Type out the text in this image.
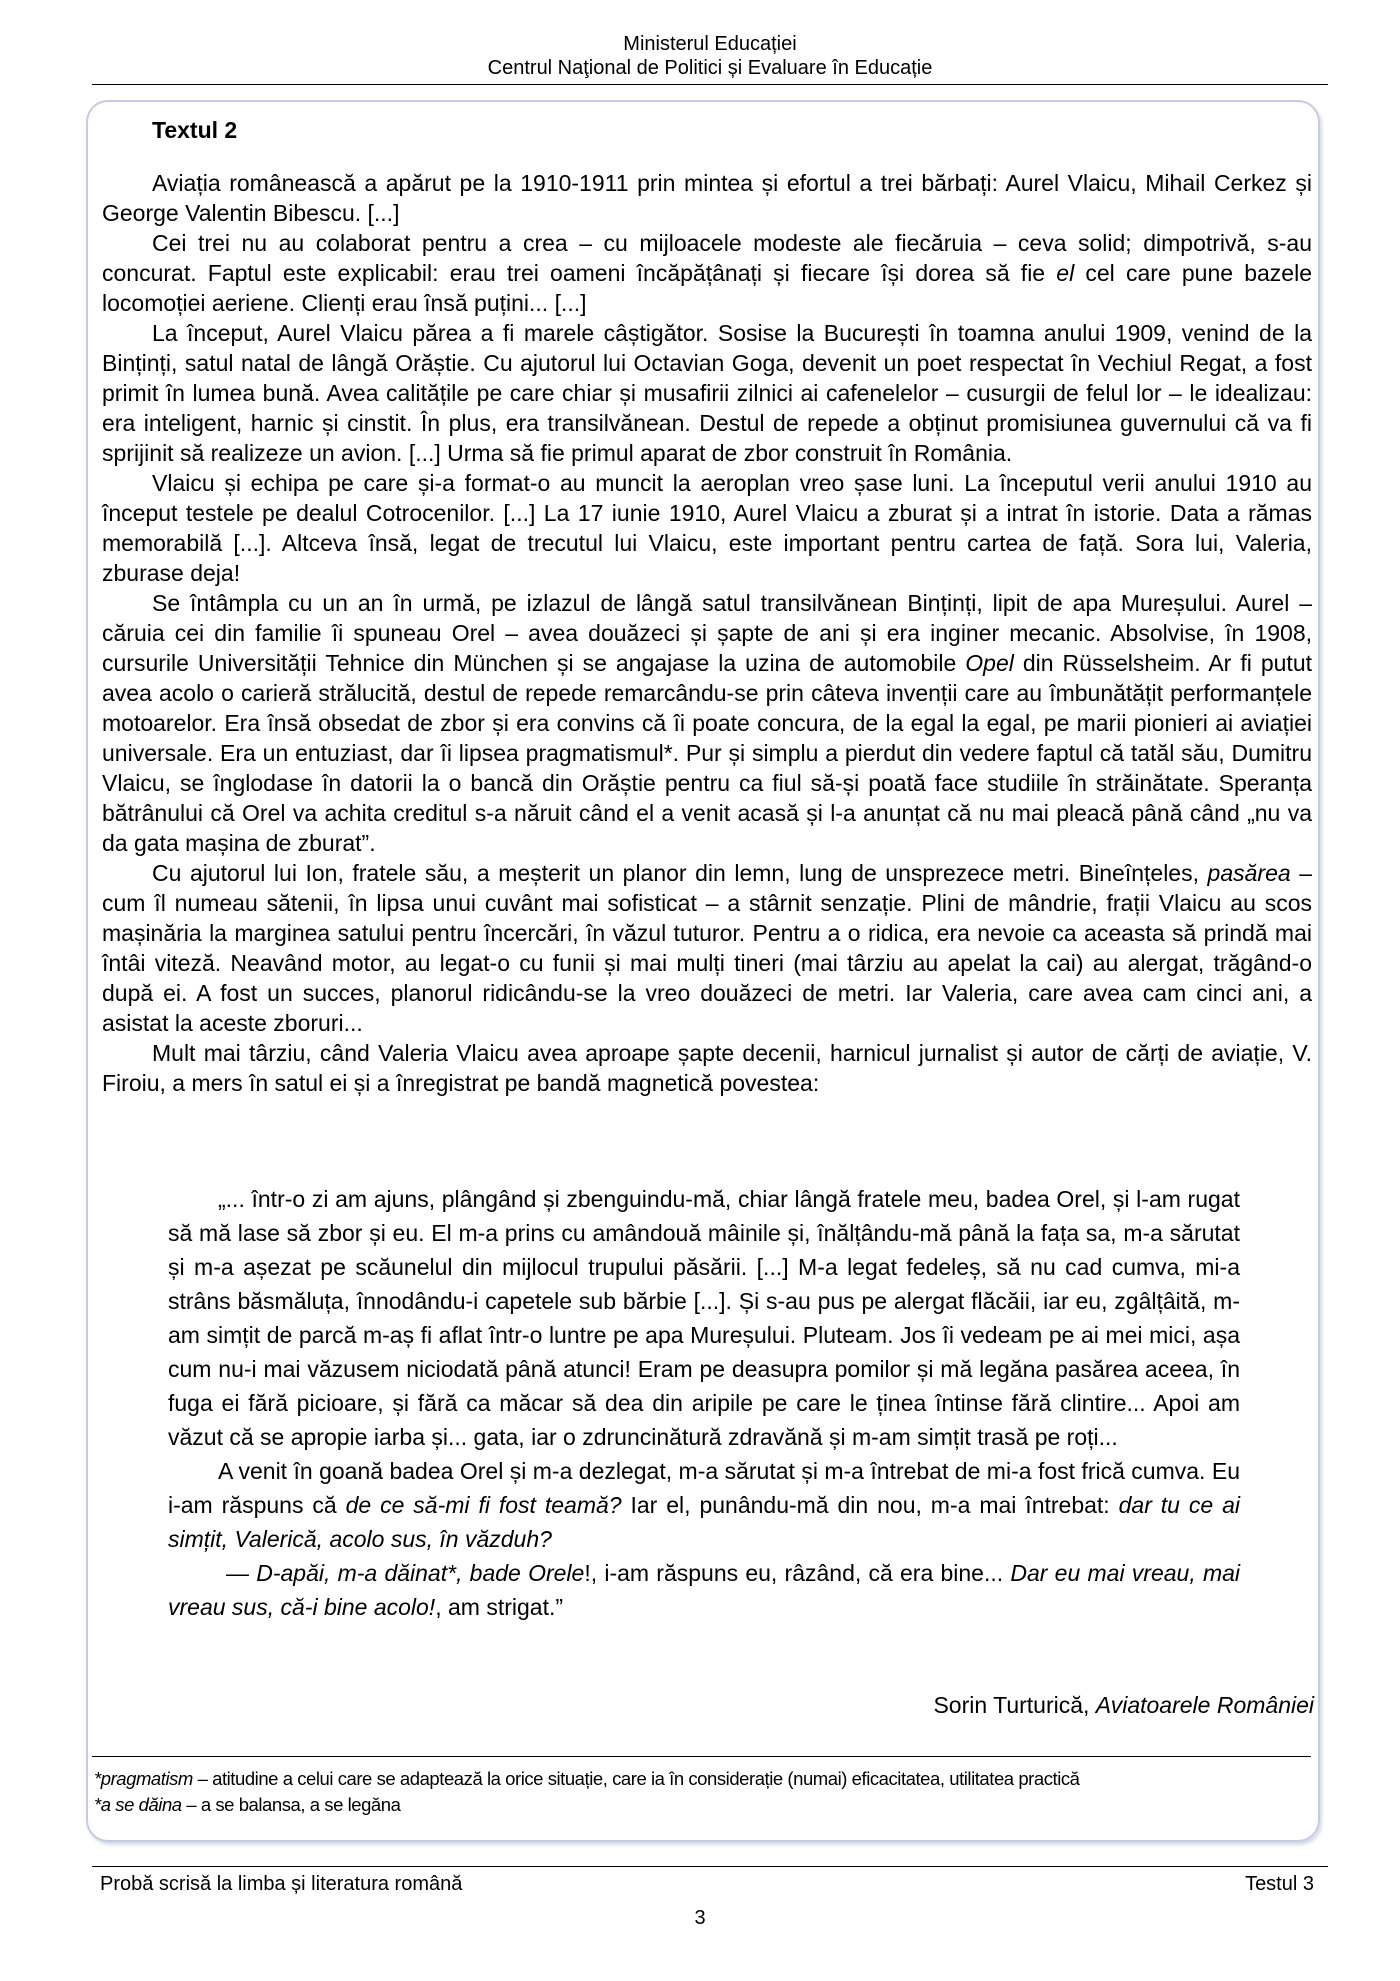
Ministerul Educației
Centrul Naţional de Politici și Evaluare în Educație
Textul 2

Aviația românească a apărut pe la 1910-1911 prin mintea și efortul a trei bărbați: Aurel Vlaicu, Mihail Cerkez și George Valentin Bibescu. [...]

Cei trei nu au colaborat pentru a crea – cu mijloacele modeste ale fiecăruia – ceva solid; dimpotrivă, s-au concurat. Faptul este explicabil: erau trei oameni încăpățânați și fiecare își dorea să fie el cel care pune bazele locomoției aeriene. Clienți erau însă puțini... [...]

La început, Aurel Vlaicu părea a fi marele câștigător. Sosise la București în toamna anului 1909, venind de la Binținți, satul natal de lângă Orăștie. Cu ajutorul lui Octavian Goga, devenit un poet respectat în Vechiul Regat, a fost primit în lumea bună. Avea calitățile pe care chiar și musafirii zilnici ai cafenelelor – cusurgii de felul lor – le idealizau: era inteligent, harnic și cinstit. În plus, era transilvănean. Destul de repede a obținut promisiunea guvernului că va fi sprijinit să realizeze un avion. [...] Urma să fie primul aparat de zbor construit în România.

Vlaicu și echipa pe care și-a format-o au muncit la aeroplan vreo șase luni. La începutul verii anului 1910 au început testele pe dealul Cotrocenilor. [...] La 17 iunie 1910, Aurel Vlaicu a zburat și a intrat în istorie. Data a rămas memorabilă [...]. Altceva însă, legat de trecutul lui Vlaicu, este important pentru cartea de față. Sora lui, Valeria, zburase deja!

Se întâmpla cu un an în urmă, pe izlazul de lângă satul transilvănean Binținți, lipit de apa Mureșului. Aurel – căruia cei din familie îi spuneau Orel – avea douăzeci și șapte de ani și era inginer mecanic. Absolvise, în 1908, cursurile Universității Tehnice din München și se angajase la uzina de automobile Opel din Rüsselsheim. Ar fi putut avea acolo o carieră strălucită, destul de repede remarcându-se prin câteva invenții care au îmbunătățit performanțele motoarelor. Era însă obsedat de zbor și era convins că îi poate concura, de la egal la egal, pe marii pionieri ai aviației universale. Era un entuziast, dar îi lipsea pragmatismul*. Pur și simplu a pierdut din vedere faptul că tatăl său, Dumitru Vlaicu, se înglodase în datorii la o bancă din Orăștie pentru ca fiul să-și poată face studiile în străinătate. Speranța bătrânului că Orel va achita creditul s-a năruit când el a venit acasă și l-a anunțat că nu mai pleacă până când „nu va da gata mașina de zburat”.

Cu ajutorul lui Ion, fratele său, a meșterit un planor din lemn, lung de unsprezece metri. Bineînțeles, pasărea – cum îl numeau sătenii, în lipsa unui cuvânt mai sofisticat – a stârnit senzație. Plini de mândrie, frații Vlaicu au scos mașinăria la marginea satului pentru încercări, în văzul tuturor. Pentru a o ridica, era nevoie ca aceasta să prindă mai întâi viteză. Neavând motor, au legat-o cu funii și mai mulți tineri (mai târziu au apelat la cai) au alergat, trăgând-o după ei. A fost un succes, planorul ridicându-se la vreo douăzeci de metri. Iar Valeria, care avea cam cinci ani, a asistat la aceste zboruri...

Mult mai târziu, când Valeria Vlaicu avea aproape șapte decenii, harnicul jurnalist și autor de cărți de aviație, V. Firoiu, a mers în satul ei și a înregistrat pe bandă magnetică povestea:

„... într-o zi am ajuns, plângând și zbenguindu-mă, chiar lângă fratele meu, badea Orel, și l-am rugat să mă lase să zbor și eu. El m-a prins cu amândouă mâinile și, înălțându-mă până la fața sa, m-a sărutat și m-a așezat pe scăunelul din mijlocul trupului păsării. [...] M-a legat fedeleș, să nu cad cumva, mi-a strâns băsmăluța, înnodându-i capetele sub bărbie [...]. Și s-au pus pe alergat flăcăii, iar eu, zgâlțâită, m-am simțit de parcă m-aș fi aflat într-o luntre pe apa Mureșului. Pluteam. Jos îi vedeam pe ai mei mici, așa cum nu-i mai văzusem niciodată până atunci! Eram pe deasupra pomilor și mă legăna pasărea aceea, în fuga ei fără picioare, și fără ca măcar să dea din aripile pe care le ținea întinse fără clintire... Apoi am văzut că se apropie iarba și... gata, iar o zdruncinătură zdravănă și m-am simțit trasă pe roți...

A venit în goană badea Orel și m-a dezlegat, m-a sărutat și m-a întrebat de mi-a fost frică cumva. Eu i-am răspuns că de ce să-mi fi fost teamă? Iar el, punându-mă din nou, m-a mai întrebat: dar tu ce ai simțit, Valerică, acolo sus, în văzduh?

— D-apăi, m-a dăinat*, bade Orele!, i-am răspuns eu, râzând, că era bine... Dar eu mai vreau, mai vreau sus, că-i bine acolo!, am strigat.”

Sorin Turturică, Aviatoarele României
*pragmatism – atitudine a celui care se adaptează la orice situație, care ia în considerație (numai) eficacitatea, utilitatea practică
*a se dăina – a se balansa, a se legăna
Probă scrisă la limba și literatura română	Testul 3
3
